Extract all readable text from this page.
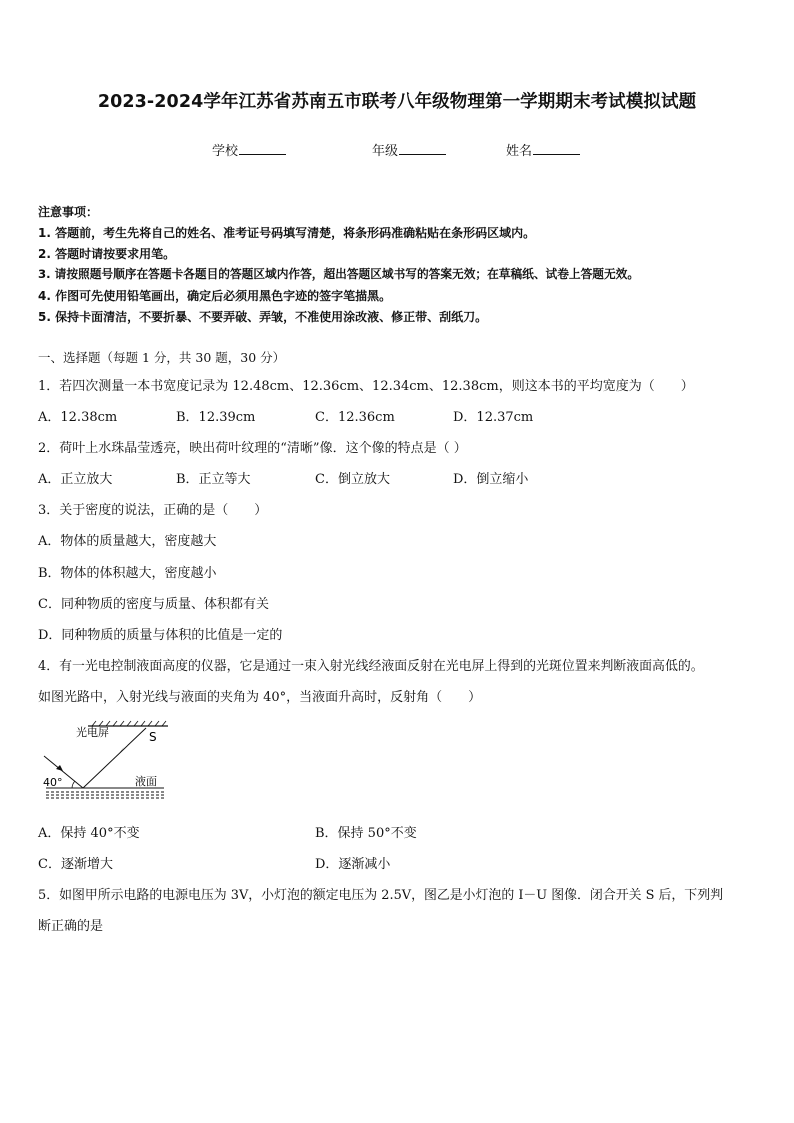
2023-2024学年江苏省苏南五市联考八年级物理第一学期期末考试模拟试题
学校	年级	姓名
注意事项：
1. 答题前，考生先将自己的姓名、准考证号码填写清楚，将条形码准确粘贴在条形码区域内。
2. 答题时请按要求用笔。
3. 请按照题号顺序在答题卡各题目的答题区域内作答，超出答题区域书写的答案无效；在草稿纸、试卷上答题无效。
4. 作图可先使用铅笔画出，确定后必须用黑色字迹的签字笔描黑。
5. 保持卡面清洁，不要折暴、不要弄破、弄皱，不准使用涂改液、修正带、刮纸刀。
一、选择题（每题 1 分，共 30 题，30 分）
1．若四次测量一本书宽度记录为 12.48cm、12.36cm、12.34cm、12.38cm，则这本书的平均宽度为（　　）
A．12.38cm	B．12.39cm	C．12.36cm	D．12.37cm
2．荷叶上水珠晶莹透亮，映出荷叶纹理的“清晰”像．这个像的特点是（ ）
A．正立放大	B．正立等大	C．倒立放大	D．倒立缩小
3．关于密度的说法，正确的是（　　）
A．物体的质量越大，密度越大
B．物体的体积越大，密度越小
C．同种物质的密度与质量、体积都有关
D．同种物质的质量与体积的比值是一定的
4．有一光电控制液面高度的仪器，它是通过一束入射光线经液面反射在光电屏上得到的光斑位置来判断液面高低的。
如图光路中，入射光线与液面的夹角为 40°，当液面升高时，反射角（　　）
光电屏	S
40°	液面
A．保持 40°不变	B．保持 50°不变
C．逐渐增大	D．逐渐减小
5．如图甲所示电路的电源电压为 3V，小灯泡的额定电压为 2.5V，图乙是小灯泡的 I－U 图像．闭合开关 S 后，下列判
断正确的是
